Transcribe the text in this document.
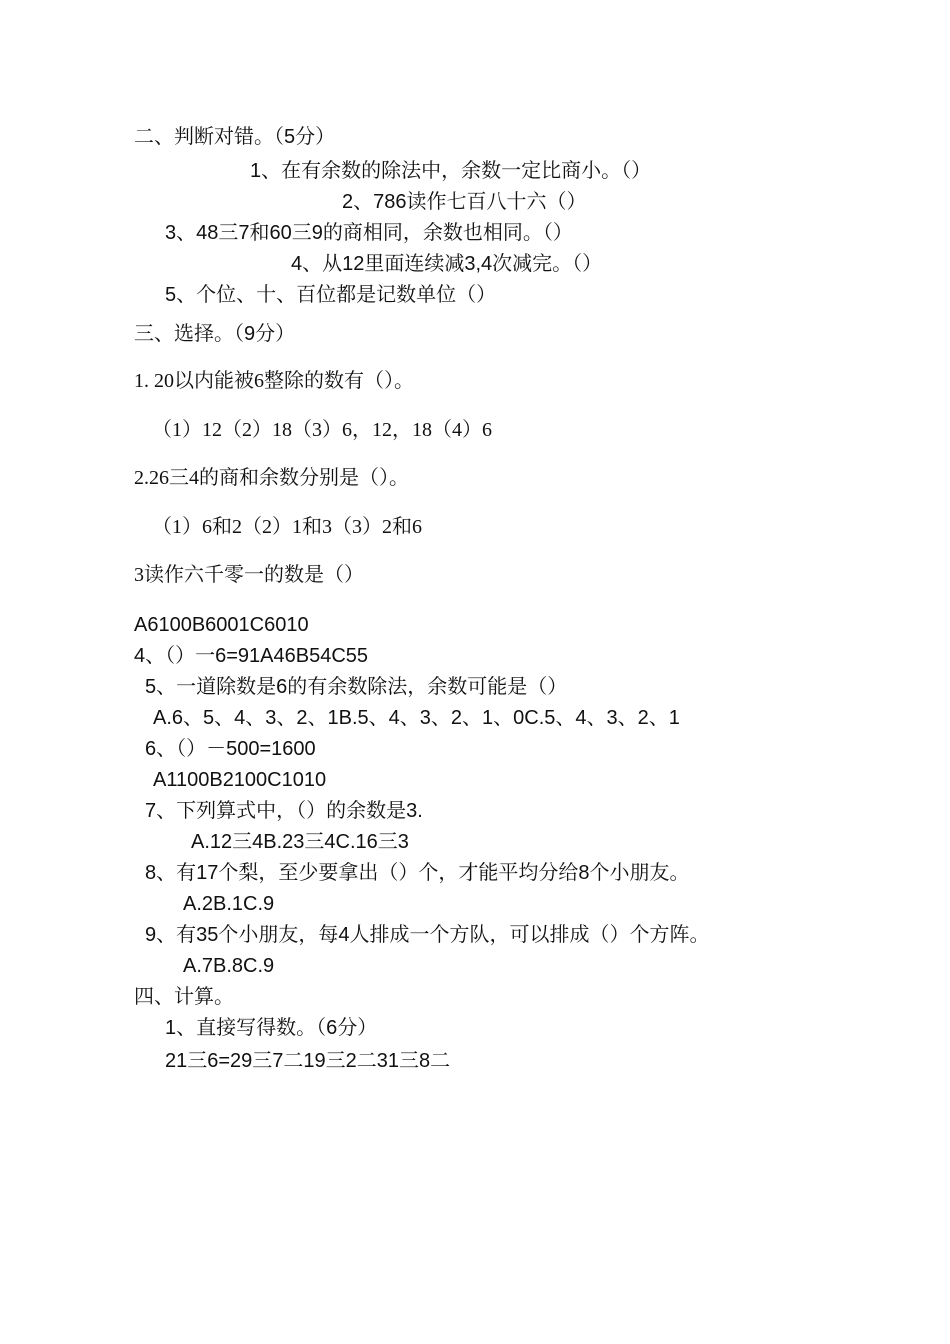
二、判断对错。（5分）
1、在有余数的除法中，余数一定比商小。（）
2、786读作七百八十六（）
3、48三7和60三9的商相同，余数也相同。（）
4、从12里面连续减3,4次减完。（）
5、个位、十、百位都是记数单位（）
三、选择。（9分）
1. 20以内能被6整除的数有（）。
（1）12（2）18（3）6，12，18（4）6
2.26三4的商和余数分别是（）。
（1）6和2（2）1和3（3）2和6
3读作六千零一的数是（）
A6100B6001C6010
4、（）一6=91A46B54C55
5、一道除数是6的有余数除法，余数可能是（）
A.6、5、4、3、2、1B.5、4、3、2、1、0C.5、4、3、2、1
6、（）－500=1600
A1100B2100C1010
7、下列算式中，（）的余数是3.
A.12三4B.23三4C.16三3
8、有17个梨，至少要拿出（）个，才能平均分给8个小朋友。
A.2B.1C.9
9、有35个小朋友，每4人排成一个方队，可以排成（）个方阵。
A.7B.8C.9
四、计算。
1、直接写得数。（6分）
21三6=29三7二19三2二31三8二
